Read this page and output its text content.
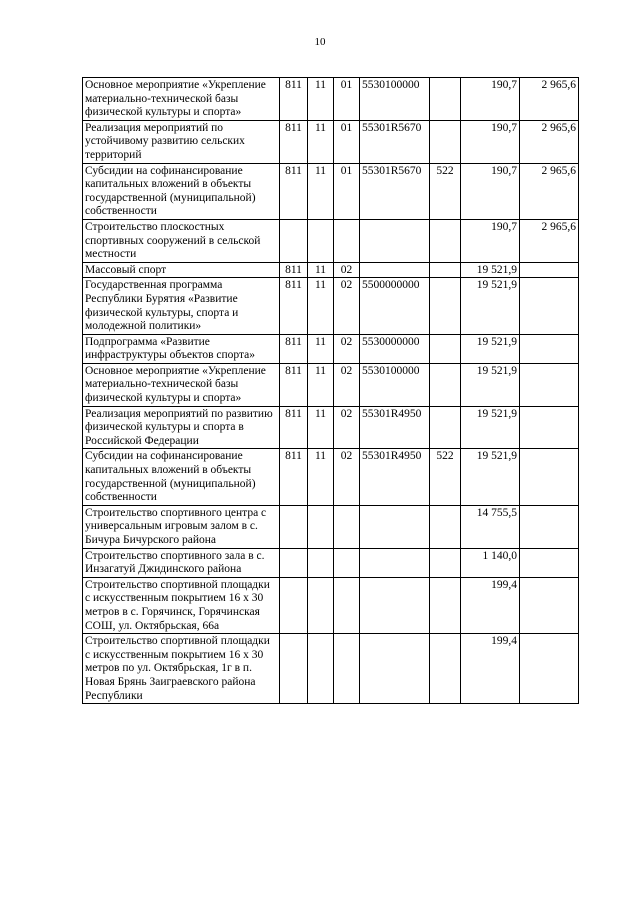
10
Основное мероприятие «Укрепление материально-технической базы физической культуры и спорта»	811	11	01	5530100000		190,7	2 965,6
Реализация мероприятий по устойчивому развитию сельских территорий	811	11	01	55301R5670		190,7	2 965,6
Субсидии на софинансирование капитальных вложений в объекты государственной (муниципальной) собственности	811	11	01	55301R5670	522	190,7	2 965,6
Строительство плоскостных спортивных сооружений в сельской местности						190,7	2 965,6
Массовый спорт	811	11	02			19 521,9	
Государственная программа Республики Бурятия «Развитие физической культуры, спорта и молодежной политики»	811	11	02	5500000000		19 521,9	
Подпрограмма «Развитие инфраструктуры объектов спорта»	811	11	02	5530000000		19 521,9	
Основное мероприятие «Укрепление материально-технической базы физической культуры и спорта»	811	11	02	5530100000		19 521,9	
Реализация мероприятий по развитию физической культуры и спорта в Российской Федерации	811	11	02	55301R4950		19 521,9	
Субсидии на софинансирование капитальных вложений в объекты государственной (муниципальной) собственности	811	11	02	55301R4950	522	19 521,9	
Строительство спортивного центра с универсальным игровым залом в с. Бичура Бичурского района						14 755,5	
Строительство спортивного зала в с. Инзагатуй Джидинского района						1 140,0	
Строительство спортивной площадки с искусственным покрытием 16 х 30 метров в с. Горячинск, Горячинская СОШ, ул. Октябрьская, 66а						199,4	
Строительство спортивной площадки с искусственным покрытием 16 х 30 метров по ул. Октябрьская, 1г в п. Новая Брянь Заиграевского района Республики						199,4	
